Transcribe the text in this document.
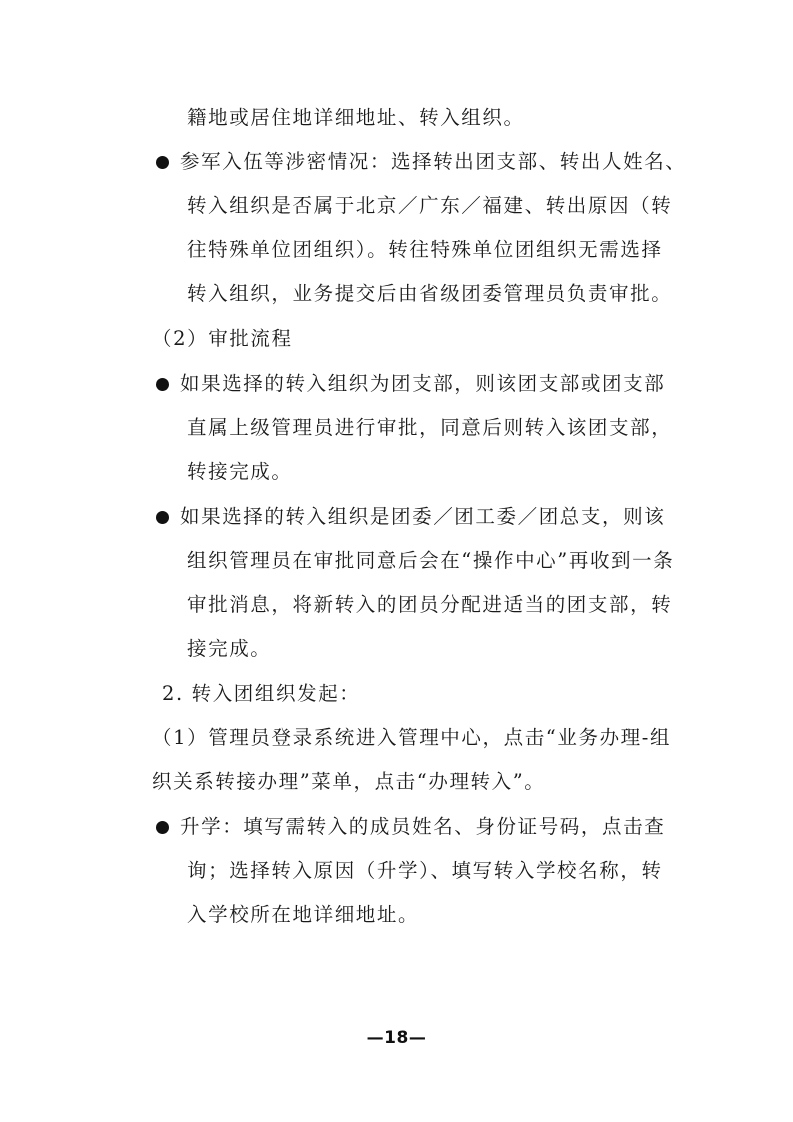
籍地或居住地详细地址、转入组织。
参军入伍等涉密情况：选择转出团支部、转出人姓名、
转入组织是否属于北京／广东／福建、转出原因（转
往特殊单位团组织）。转往特殊单位团组织无需选择
转入组织，业务提交后由省级团委管理员负责审批。
（2）审批流程
如果选择的转入组织为团支部，则该团支部或团支部
直属上级管理员进行审批，同意后则转入该团支部，
转接完成。
如果选择的转入组织是团委／团工委／团总支，则该
组织管理员在审批同意后会在“操作中心”再收到一条
审批消息，将新转入的团员分配进适当的团支部，转
接完成。
2. 转入团组织发起：
（1）管理员登录系统进入管理中心，点击“业务办理-组
织关系转接办理”菜单，点击“办理转入”。
升学：填写需转入的成员姓名、身份证号码，点击查
询；选择转入原因（升学）、填写转入学校名称，转
入学校所在地详细地址。
—18—
